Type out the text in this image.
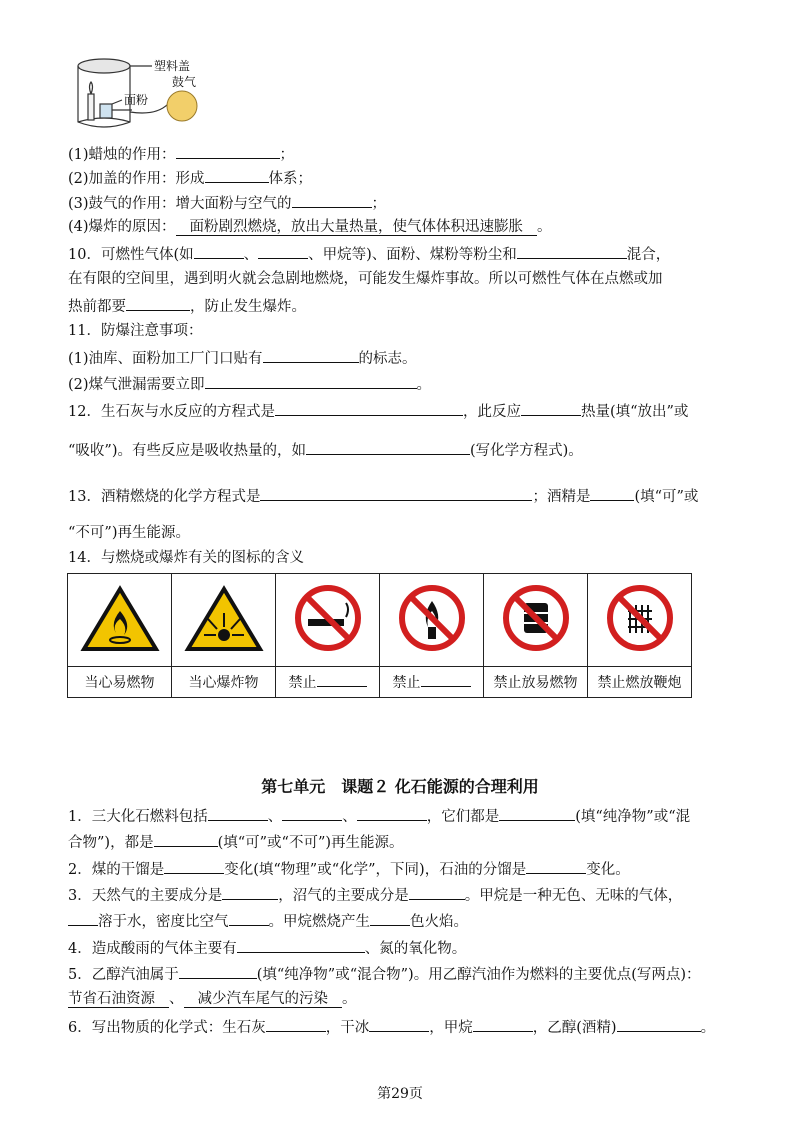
塑料盖
面粉
鼓气
(1)蜡烛的作用：	；
(2)加盖的作用：形成	体系；
(3)鼓气的作用：增大面粉与空气的	；
(4)爆炸的原因： 面粉剧烈燃烧，放出大量热量，使气体体积迅速膨胀 。
10．可燃性气体(如	、	、甲烷等)、面粉、煤粉等粉尘和	混合，
在有限的空间里，遇到明火就会急剧地燃烧，可能发生爆炸事故。所以可燃性气体在点燃或加
热前都要	，防止发生爆炸。
11．防爆注意事项：
(1)油库、面粉加工厂门口贴有	的标志。
(2)煤气泄漏需要立即	。
12．生石灰与水反应的方程式是	，此反应	热量(填“放出”或
“吸收”)。有些反应是吸收热量的，如	(写化学方程式)。
13．酒精燃烧的化学方程式是	；酒精是	(填“可”或
“不可”)再生能源。
14．与燃烧或爆炸有关的图标的含义

当心易燃物	当心爆炸物	禁止	禁止	禁止放易燃物	禁止燃放鞭炮
第七单元　课题２ 化石能源的合理利用
1．三大化石燃料包括	、	、	，它们都是	(填“纯净物”或“混
合物”)，都是	(填“可”或“不可”)再生能源。
2．煤的干馏是	变化(填“物理”或“化学”，下同)，石油的分馏是	变化。
3．天然气的主要成分是	，沼气的主要成分是	。甲烷是一种无色、无味的气体，
溶于水，密度比空气	。甲烷燃烧产生	色火焰。
4．造成酸雨的气体主要有	、氮的氧化物。
5．乙醇汽油属于	(填“纯净物”或“混合物”)。用乙醇汽油作为燃料的主要优点(写两点)：
节省石油资源 、 减少汽车尾气的污染 。
6．写出物质的化学式：生石灰	，干冰	，甲烷	，乙醇(酒精)	。
第29页
